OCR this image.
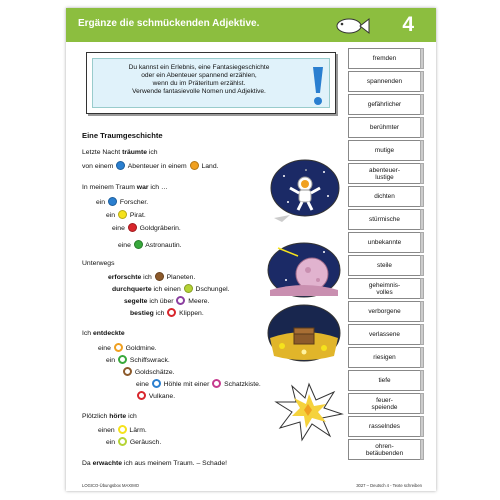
Ergänze die schmückenden Adjektive.	4
Du kannst ein Erlebnis, eine Fantasiegeschichte
oder ein Abenteuer spannend erzählen,
wenn du im Präteritum erzählst.
Verwende fantasievolle Nomen und Adjektive.
Eine Traumgeschichte
Letzte Nacht träumte ich
von einem  Abenteuer in einem  Land.
In meinem Traum war ich …
ein  Forscher.
ein  Pirat.
eine  Goldgräberin.
eine  Astronautin.
Unterwegs
erforschte ich  Planeten.
durchquerte ich einen  Dschungel.
segelte ich über  Meere.
bestieg ich  Klippen.
Ich entdeckte
eine  Goldmine.
ein  Schiffswrack.
Goldschätze.
eine  Höhle mit einer  Schatzkiste.
Vulkane.
Plötzlich hörte ich
einen  Lärm.
ein  Geräusch.
Da erwachte ich aus meinem Traum. – Schade!
fremden
spannenden
gefährlicher
berühmter
mutige
abenteuer-
lustige
dichten
stürmische
unbekannte
steile
geheimnis-
volles
verborgene
verlassene
riesigen
tiefe
feuer-
speiende
rasselndes
ohren-
betäubenden
LOGICO-Übungsbox MAXIMO	3027 – Deutsch 4 - Texte schreiben
